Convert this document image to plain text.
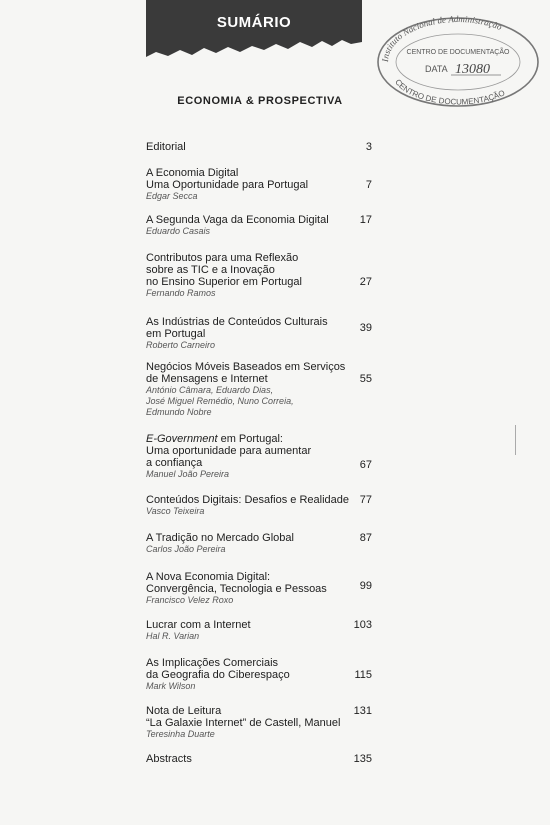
SUMÁRIO
Instituto Nacional de Administração
CENTRO DE DOCUMENTAÇÃO
CENTRO DE DOCUMENTAÇÃO
DATA 13080
ECONOMIA & PROSPECTIVA
Editorial	3
A Economia Digital
Uma Oportunidade para Portugal
Edgar Secca
7
A Segunda Vaga da Economia Digital
Eduardo Casais
17
Contributos para uma Reflexão
sobre as TIC e a Inovação
no Ensino Superior em Portugal
Fernando Ramos
27
As Indústrias de Conteúdos Culturais
em Portugal
Roberto Carneiro
39
Negócios Móveis Baseados em Serviços
de Mensagens e Internet
António Câmara, Eduardo Dias,
José Miguel Remédio, Nuno Correia,
Edmundo Nobre
55
E-Government em Portugal:
Uma oportunidade para aumentar
a confiança
Manuel João Pereira
67
Conteúdos Digitais: Desafios e Realidade
Vasco Teixeira
77
A Tradição no Mercado Global
Carlos João Pereira
87
A Nova Economia Digital:
Convergência, Tecnologia e Pessoas
Francisco Velez Roxo
99
Lucrar com a Internet
Hal R. Varian
103
As Implicações Comerciais
da Geografia do Ciberespaço
Mark Wilson
115
Nota de Leitura
“La Galaxie Internet” de Castell, Manuel
Teresinha Duarte
131
Abstracts	135
